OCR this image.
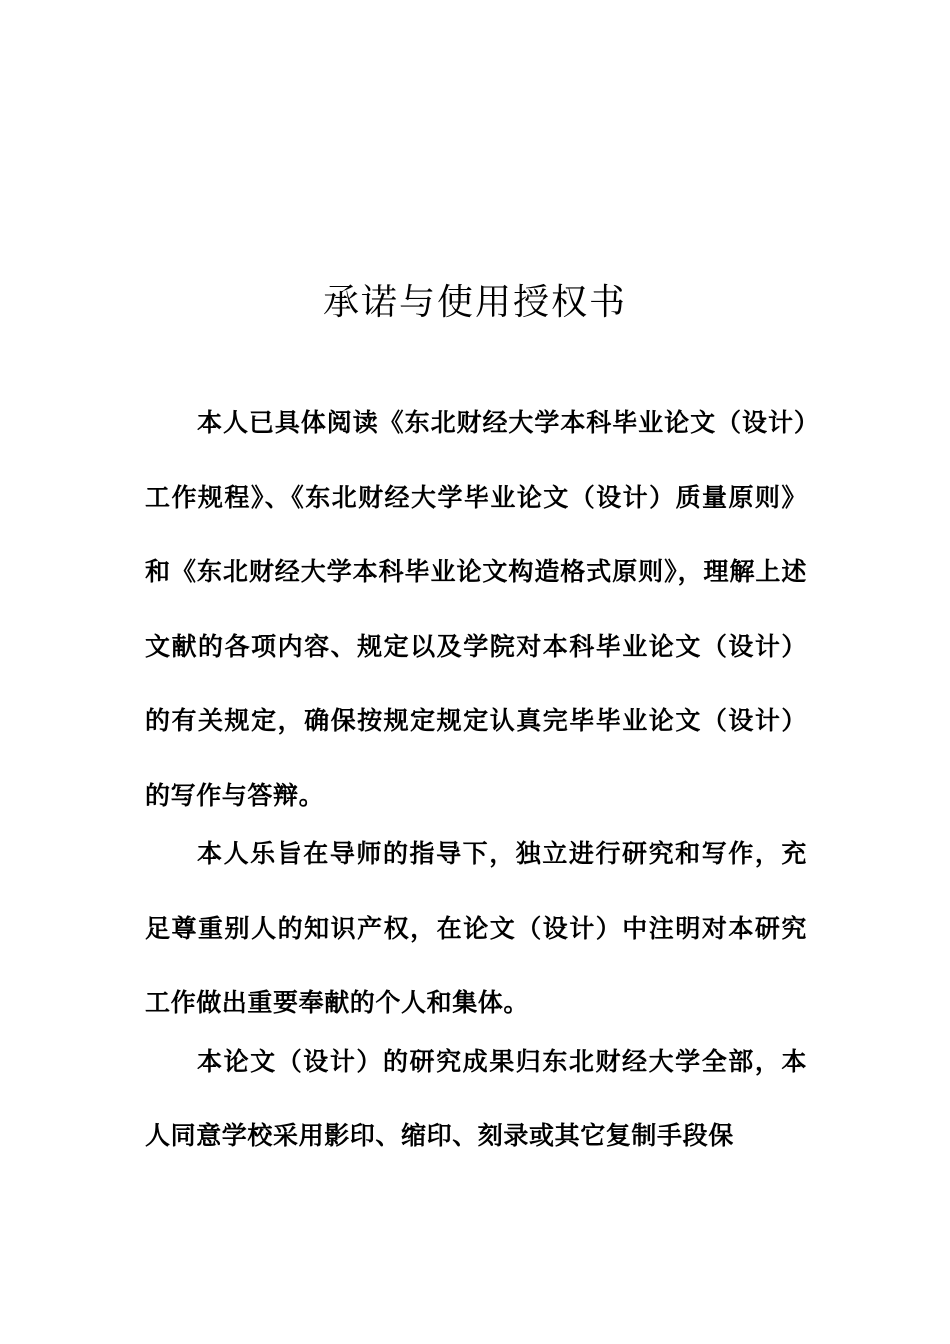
承诺与使用授权书

本人已具体阅读《东北财经大学本科毕业论文（设计）工作规程》、《东北财经大学毕业论文（设计）质量原则》和《东北财经大学本科毕业论文构造格式原则》，理解上述文献的各项内容、规定以及学院对本科毕业论文（设计）的有关规定，确保按规定规定认真完毕毕业论文（设计）的写作与答辩。

本人乐旨在导师的指导下，独立进行研究和写作，充足尊重别人的知识产权，在论文（设计）中注明对本研究工作做出重要奉献的个人和集体。

本论文（设计）的研究成果归东北财经大学全部，本人同意学校采用影印、缩印、刻录或其它复制手段保
